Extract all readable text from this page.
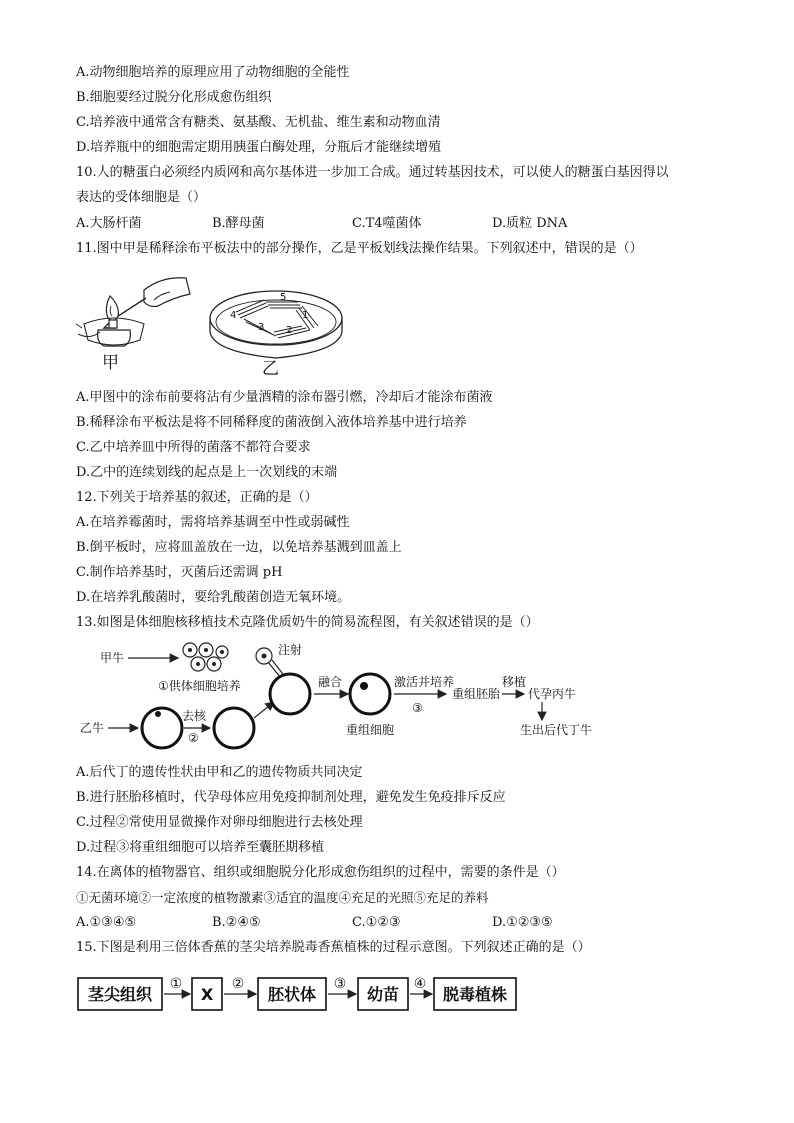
A.动物细胞培养的原理应用了动物细胞的全能性
B.细胞要经过脱分化形成愈伤组织
C.培养液中通常含有糖类、氨基酸、无机盐、维生素和动物血清
D.培养瓶中的细胞需定期用胰蛋白酶处理，分瓶后才能继续增殖
10.人的糖蛋白必须经内质网和高尔基体进一步加工合成。通过转基因技术，可以使人的糖蛋白基因得以
表达的受体细胞是（）
A.大肠杆菌	B.酵母菌	C.T4噬菌体	D.质粒 DNA
11.图中甲是稀释涂布平板法中的部分操作，乙是平板划线法操作结果。下列叙述中，错误的是（）
甲
4
5
1
2
3
乙
A.甲图中的涂布前要将沾有少量酒精的涂布器引燃，冷却后才能涂布菌液
B.稀释涂布平板法是将不同稀释度的菌液倒入液体培养基中进行培养
C.乙中培养皿中所得的菌落不都符合要求
D.乙中的连续划线的起点是上一次划线的末端
12.下列关于培养基的叙述，正确的是（）
A.在培养霉菌时，需将培养基调至中性或弱碱性
B.倒平板时，应将皿盖放在一边，以免培养基溅到皿盖上
C.制作培养基时，灭菌后还需调 pH
D.在培养乳酸菌时，要给乳酸菌创造无氧环境。
13.如图是体细胞核移植技术克隆优质奶牛的简易流程图，有关叙述错误的是（）
甲牛
①供体细胞培养
注射
乙牛
去核
②
融合
重组细胞
激活并培养
③
重组胚胎
移植
代孕丙牛
生出后代丁牛
A.后代丁的遗传性状由甲和乙的遗传物质共同决定
B.进行胚胎移植时，代孕母体应用免疫抑制剂处理，避免发生免疫排斥反应
C.过程②常使用显微操作对卵母细胞进行去核处理
D.过程③将重组细胞可以培养至囊胚期移植
14.在离体的植物器官、组织或细胞脱分化形成愈伤组织的过程中，需要的条件是（）
①无菌环境②一定浓度的植物激素③适宜的温度④充足的光照⑤充足的养料
A.①③④⑤	B.②④⑤	C.①②③	D.①②③⑤
15.下图是利用三倍体香蕉的茎尖培养脱毒香蕉植株的过程示意图。下列叙述正确的是（）
茎尖组织
①
X
②
胚状体
③
幼苗
④
脱毒植株
